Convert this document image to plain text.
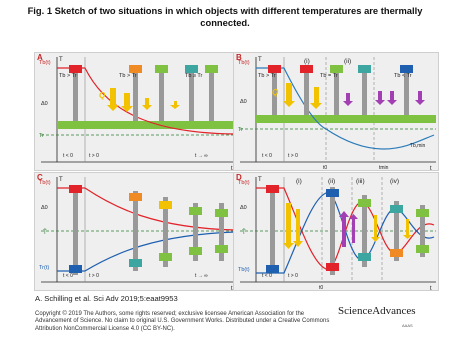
Fig. 1 Sketch of two situations in which objects with different temperatures are thermally connected.
Tb(t) T
t
Tb > Tr	Tb > Tr	Tb ≥ Tr
Δ0
Q
Tr
t < 0	t > 0	t → ∞
A
Tb(t) T
t
(i)	(ii)
Tb > Tr	Tb = Tr	Tb < Tr
Δ0
Q
Tr
Tb,min
t < 0	t > 0
t0	tmin
B
Tb(t) T
t
Δ0
T̄
Tr(t)
t < 0	t > 0	t → ∞
C
Tb(t) T
t
(i)	(ii)	(iii)	(iv)
Δ0
T̄
Tb(t)
t < 0	t > 0
t0
D
A. Schilling et al. Sci Adv 2019;5:eaat9953
Copyright © 2019 The Authors, some rights reserved; exclusive licensee American Association for the Advancement of Science. No claim to original U.S. Government Works. Distributed under a Creative Commons Attribution NonCommercial License 4.0 (CC BY-NC).
ScienceAdvances
AAAS
